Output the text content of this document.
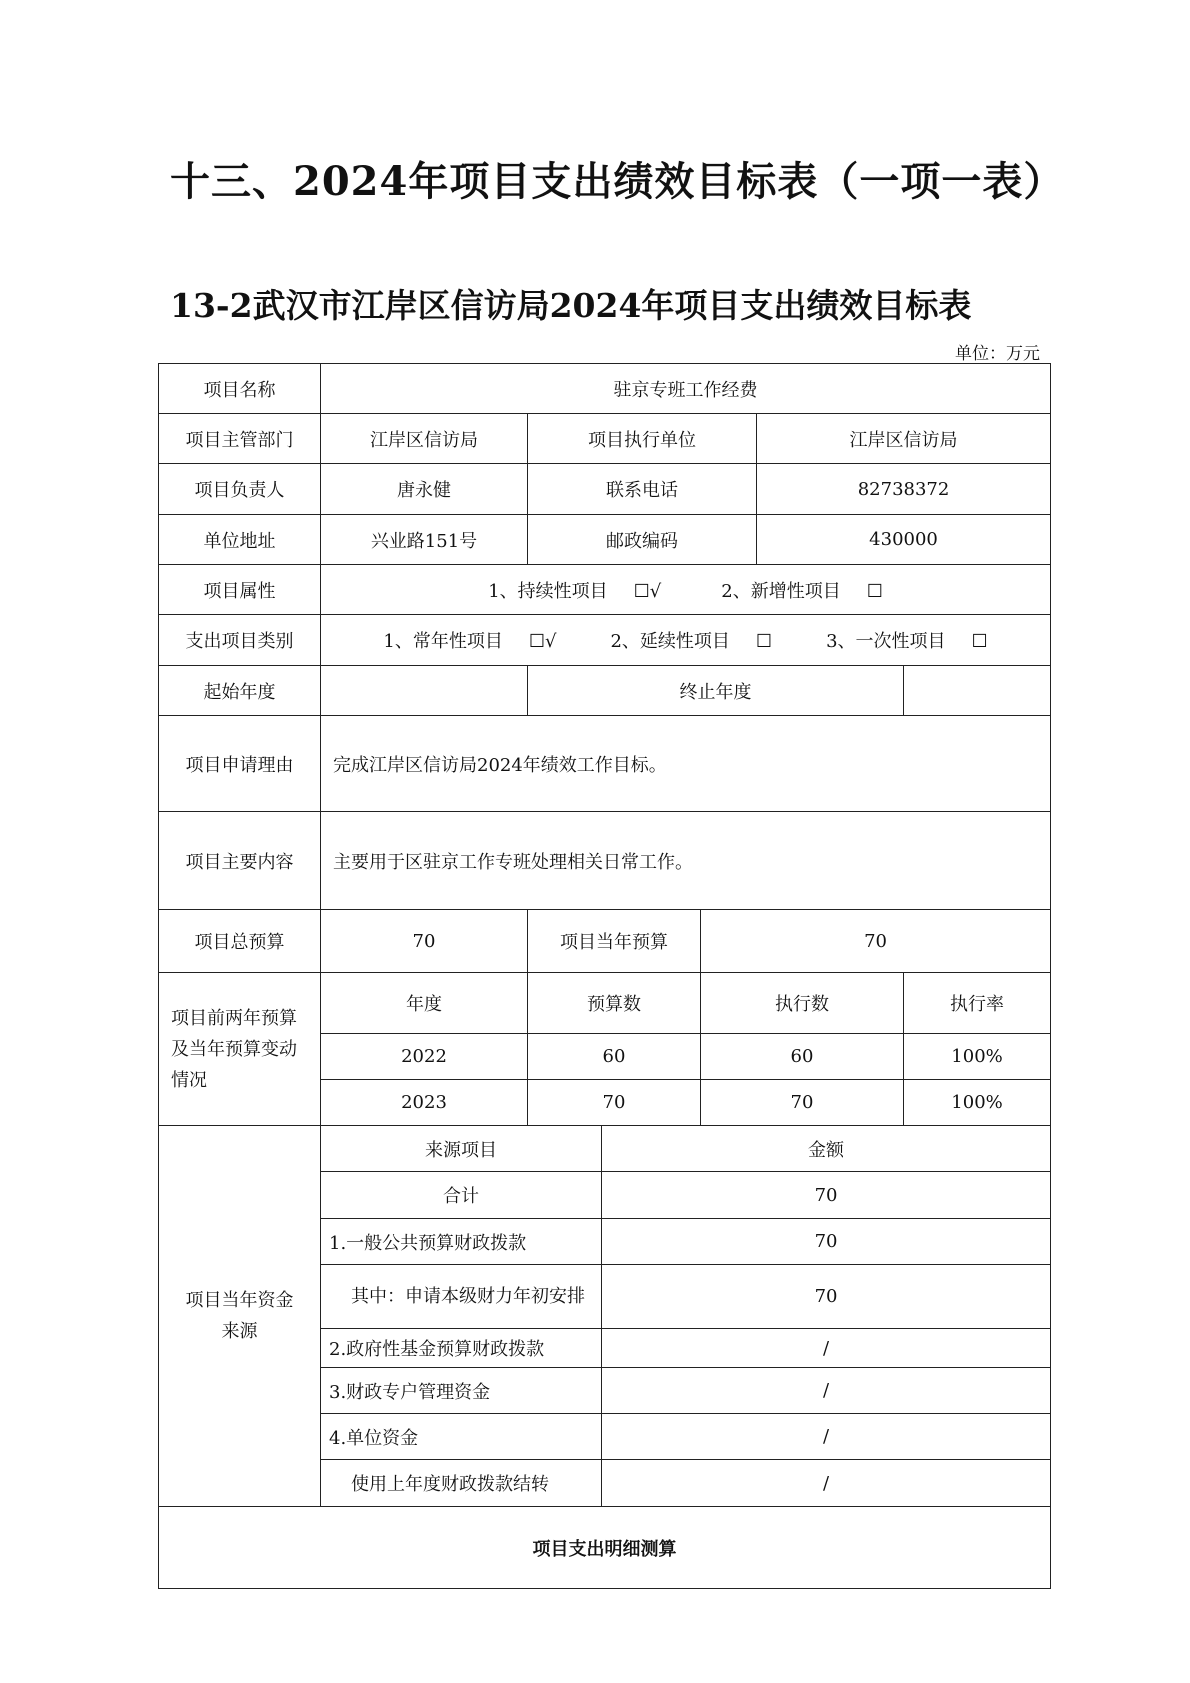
十三、2024年项目支出绩效目标表（一项一表）
13-2武汉市江岸区信访局2024年项目支出绩效目标表
单位：万元
项目名称	驻京专班工作经费					
项目主管部门	江岸区信访局	项目执行单位			江岸区信访局	
项目负责人	唐永健	联系电话			82738372	
单位地址	兴业路151号	邮政编码			430000	
项目属性	1、持续性项目 ☐√ 2、新增性项目 ☐					
支出项目类别	1、常年性项目 ☐√ 2、延续性项目 ☐ 3、一次性项目 ☐					
起始年度		终止年度				
项目申请理由	完成江岸区信访局2024年绩效工作目标。					
项目主要内容	主要用于区驻京工作专班处理相关日常工作。					
项目总预算	70	项目当年预算		70		
项目前两年预算及当年预算变动情况	年度	预算数		执行数		执行率
	2022	60		60		100%
	2023	70		70		100%
项目当年资金来源	来源项目		金额			
	合计		70			
	1.一般公共预算财政拨款		70			
	其中：申请本级财力年初安排		70			
	2.政府性基金预算财政拨款		/			
	3.财政专户管理资金		/			
	4.单位资金		/			
	使用上年度财政拨款结转		/			
项目支出明细测算						
